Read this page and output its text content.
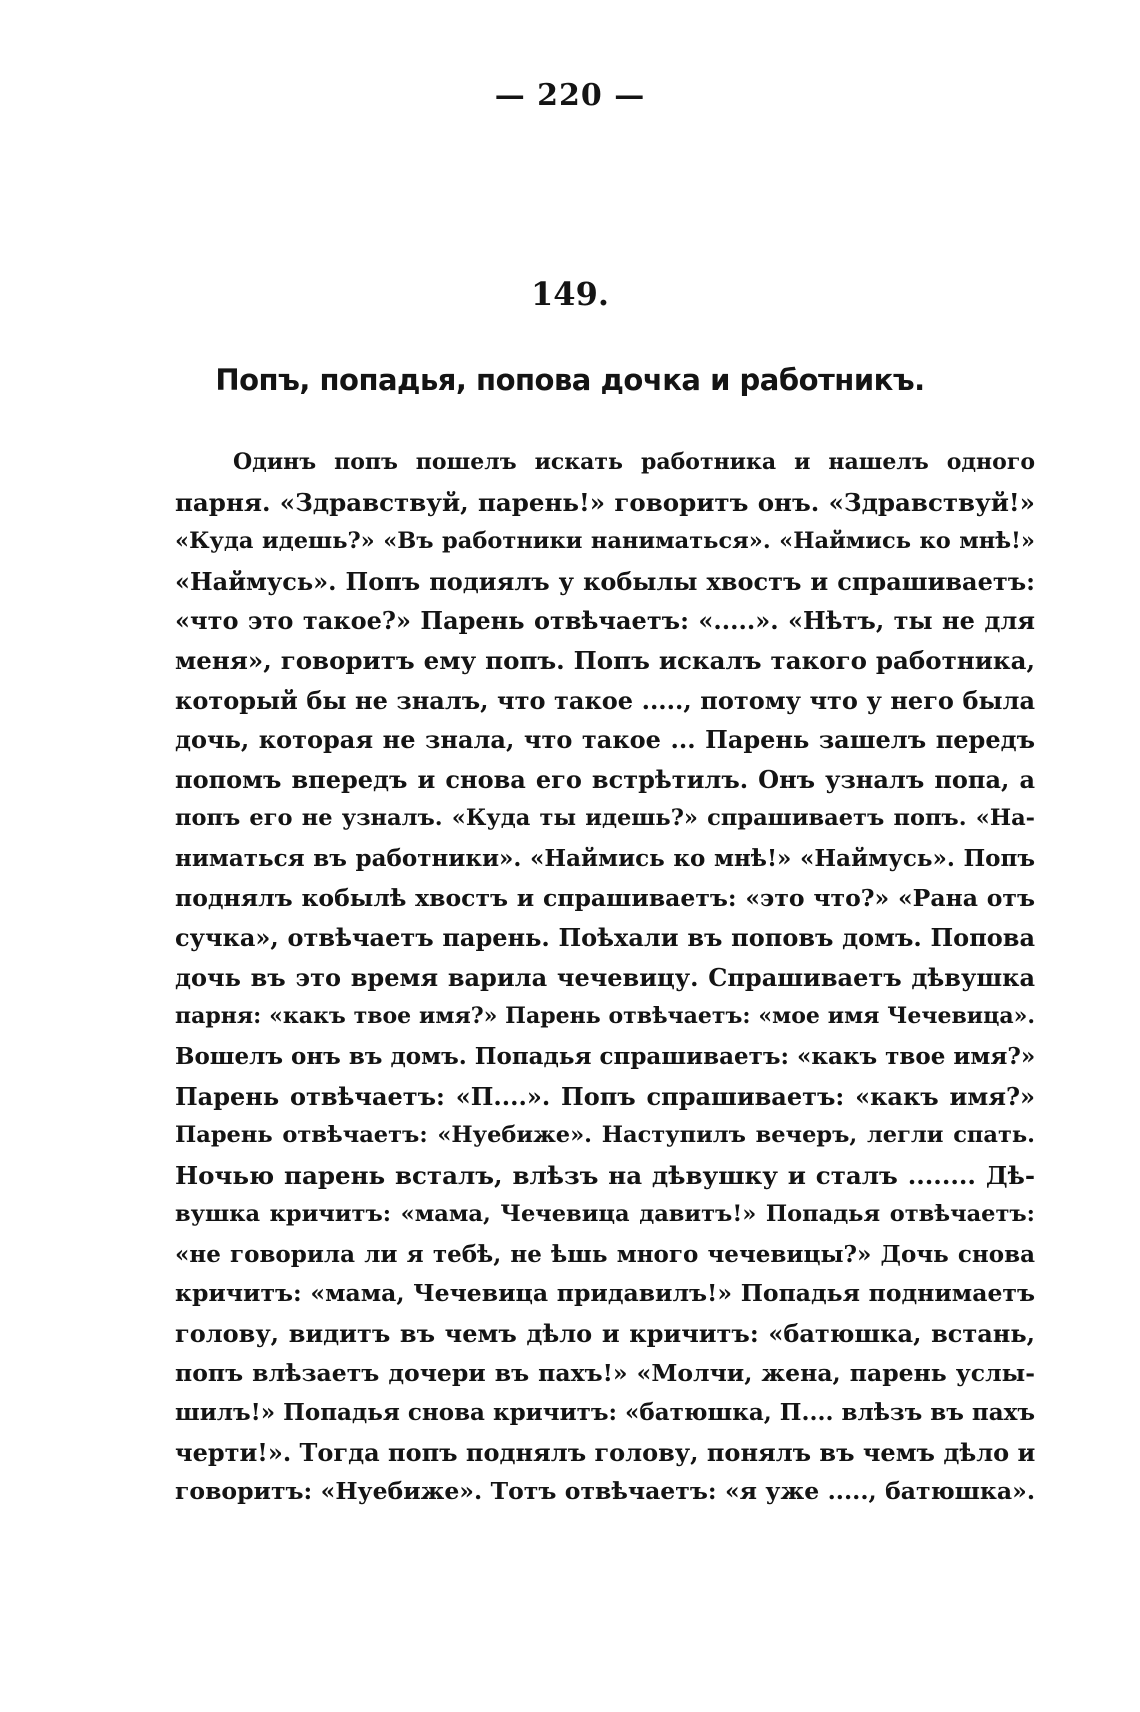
— 220 —
149.
Попъ, попадья, попова дочка и работникъ.
Одинъ попъ пошелъ искать работника и нашелъ одного
парня. «Здравствуй, парень!» говоритъ онъ. «Здравствуй!»
«Куда идешь?» «Въ работники наниматься». «Наймись ко мнѣ!»
«Наймусь». Попъ подиялъ у кобылы хвостъ и спрашиваетъ:
«что это такое?» Парень отвѣчаетъ: «.....». «Нѣтъ, ты не для
меня», говоритъ ему попъ. Попъ искалъ такого работника,
который бы не зналъ, что такое ....., потому что у него была
дочь, которая не знала, что такое ... Парень зашелъ передъ
попомъ впередъ и снова его встрѣтилъ. Онъ узналъ попа, а
попъ его не узналъ. «Куда ты идешь?» спрашиваетъ попъ. «На-
ниматься въ работники». «Наймись ко мнѣ!» «Наймусь». Попъ
поднялъ кобылѣ хвостъ и спрашиваетъ: «это что?» «Рана отъ
сучка», отвѣчаетъ парень. Поѣхали въ поповъ домъ. Попова
дочь въ это время варила чечевицу. Спрашиваетъ дѣвушка
парня: «какъ твое имя?» Парень отвѣчаетъ: «мое имя Чечевица».
Вошелъ онъ въ домъ. Попадья спрашиваетъ: «какъ твое имя?»
Парень отвѣчаетъ: «П....». Попъ спрашиваетъ: «какъ имя?»
Парень отвѣчаетъ: «Нуебиже». Наступилъ вечеръ, легли спать.
Ночью парень всталъ, влѣзъ на дѣвушку и сталъ ........ Дѣ-
вушка кричитъ: «мама, Чечевица давитъ!» Попадья отвѣчаетъ:
«не говорила ли я тебѣ, не ѣшь много чечевицы?» Дочь снова
кричитъ: «мама, Чечевица придавилъ!» Попадья поднимаетъ
голову, видитъ въ чемъ дѣло и кричитъ: «батюшка, встань,
попъ влѣзаетъ дочери въ пахъ!» «Молчи, жена, парень услы-
шилъ!» Попадья снова кричитъ: «батюшка, П.... влѣзъ въ пахъ
черти!». Тогда попъ поднялъ голову, понялъ въ чемъ дѣло и
говоритъ: «Нуебиже». Тотъ отвѣчаетъ: «я уже ....., батюшка».
